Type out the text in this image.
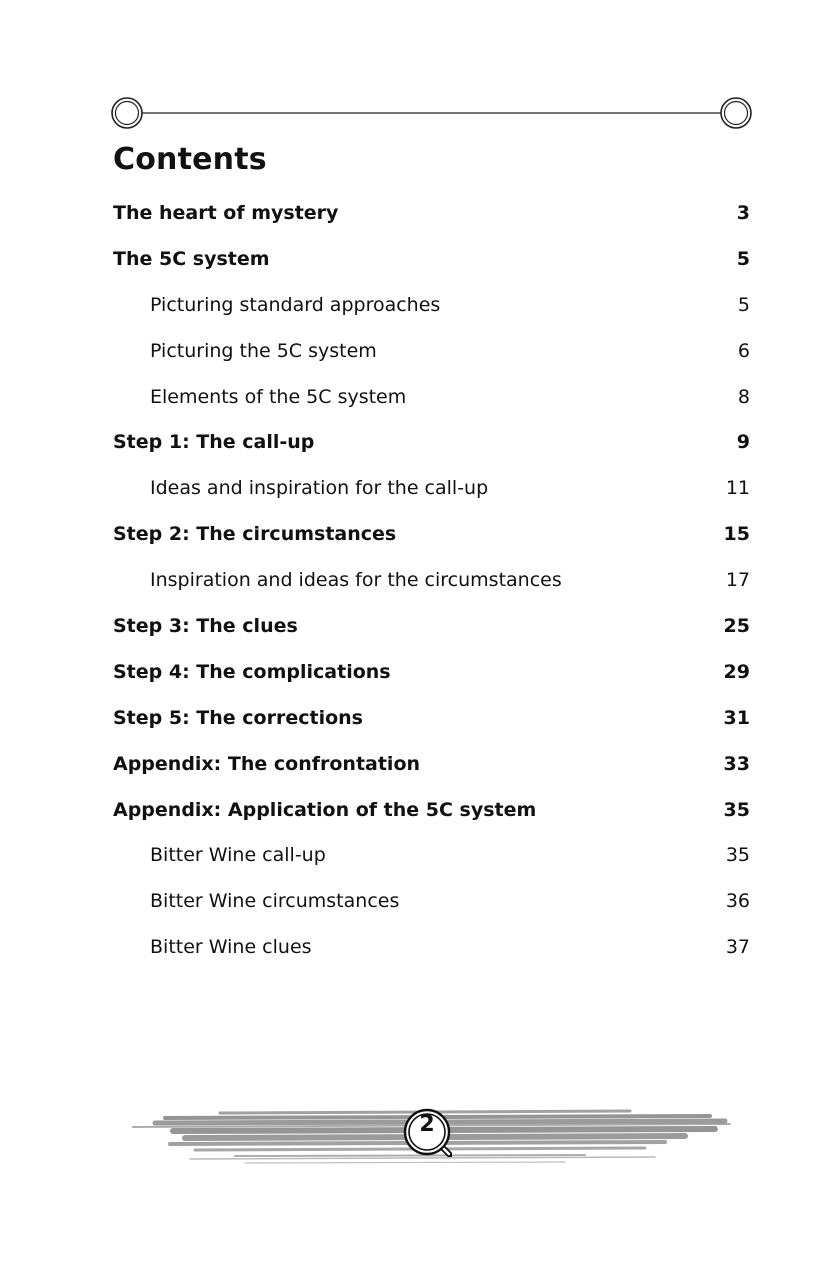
Contents
The heart of mystery	3
The 5C system	5
Picturing standard approaches	5
Picturing the 5C system	6
Elements of the 5C system	8
Step 1: The call-up	9
Ideas and inspiration for the call-up	11
Step 2: The circumstances	15
Inspiration and ideas for the circumstances	17
Step 3: The clues	25
Step 4: The complications	29
Step 5: The corrections	31
Appendix: The confrontation	33
Appendix: Application of the 5C system	35
Bitter Wine call-up	35
Bitter Wine circumstances	36
Bitter Wine clues	37
2
